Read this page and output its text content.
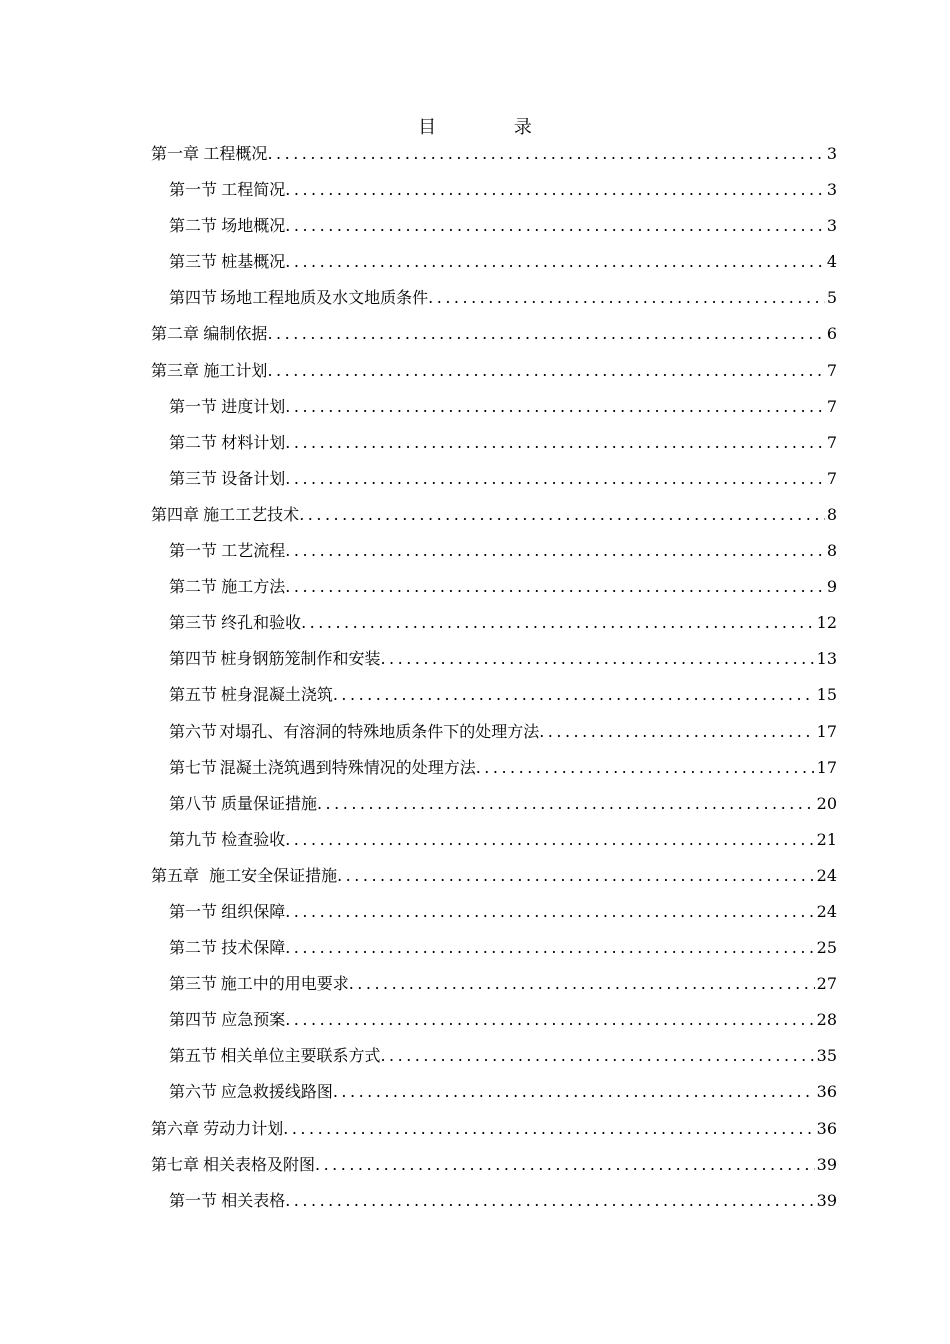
目 录
第一章 工程概况 .....	3
第一节 工程简况 .....	3
第二节 场地概况 .....	3
第三节 桩基概况 .....	4
第四节 场地工程地质及水文地质条件 .....	5
第二章 编制依据 .....	6
第三章 施工计划 .....	7
第一节 进度计划 .....	7
第二节 材料计划 .....	7
第三节 设备计划 .....	7
第四章 施工工艺技术 .....	8
第一节 工艺流程 .....	8
第二节 施工方法 .....	9
第三节 终孔和验收 .....	12
第四节 桩身钢筋笼制作和安装 .....	13
第五节 桩身混凝土浇筑 .....	15
第六节 对塌孔、有溶洞的特殊地质条件下的处理方法 .....	17
第七节 混凝土浇筑遇到特殊情况的处理方法 .....	17
第八节 质量保证措施 .....	20
第九节 检查验收 .....	21
第五章 施工安全保证措施 .....	24
第一节 组织保障 .....	24
第二节 技术保障 .....	25
第三节 施工中的用电要求 .....	27
第四节 应急预案 .....	28
第五节 相关单位主要联系方式 .....	35
第六节 应急救援线路图 .....	36
第六章 劳动力计划 .....	36
第七章 相关表格及附图 .....	39
第一节 相关表格 .....	39
